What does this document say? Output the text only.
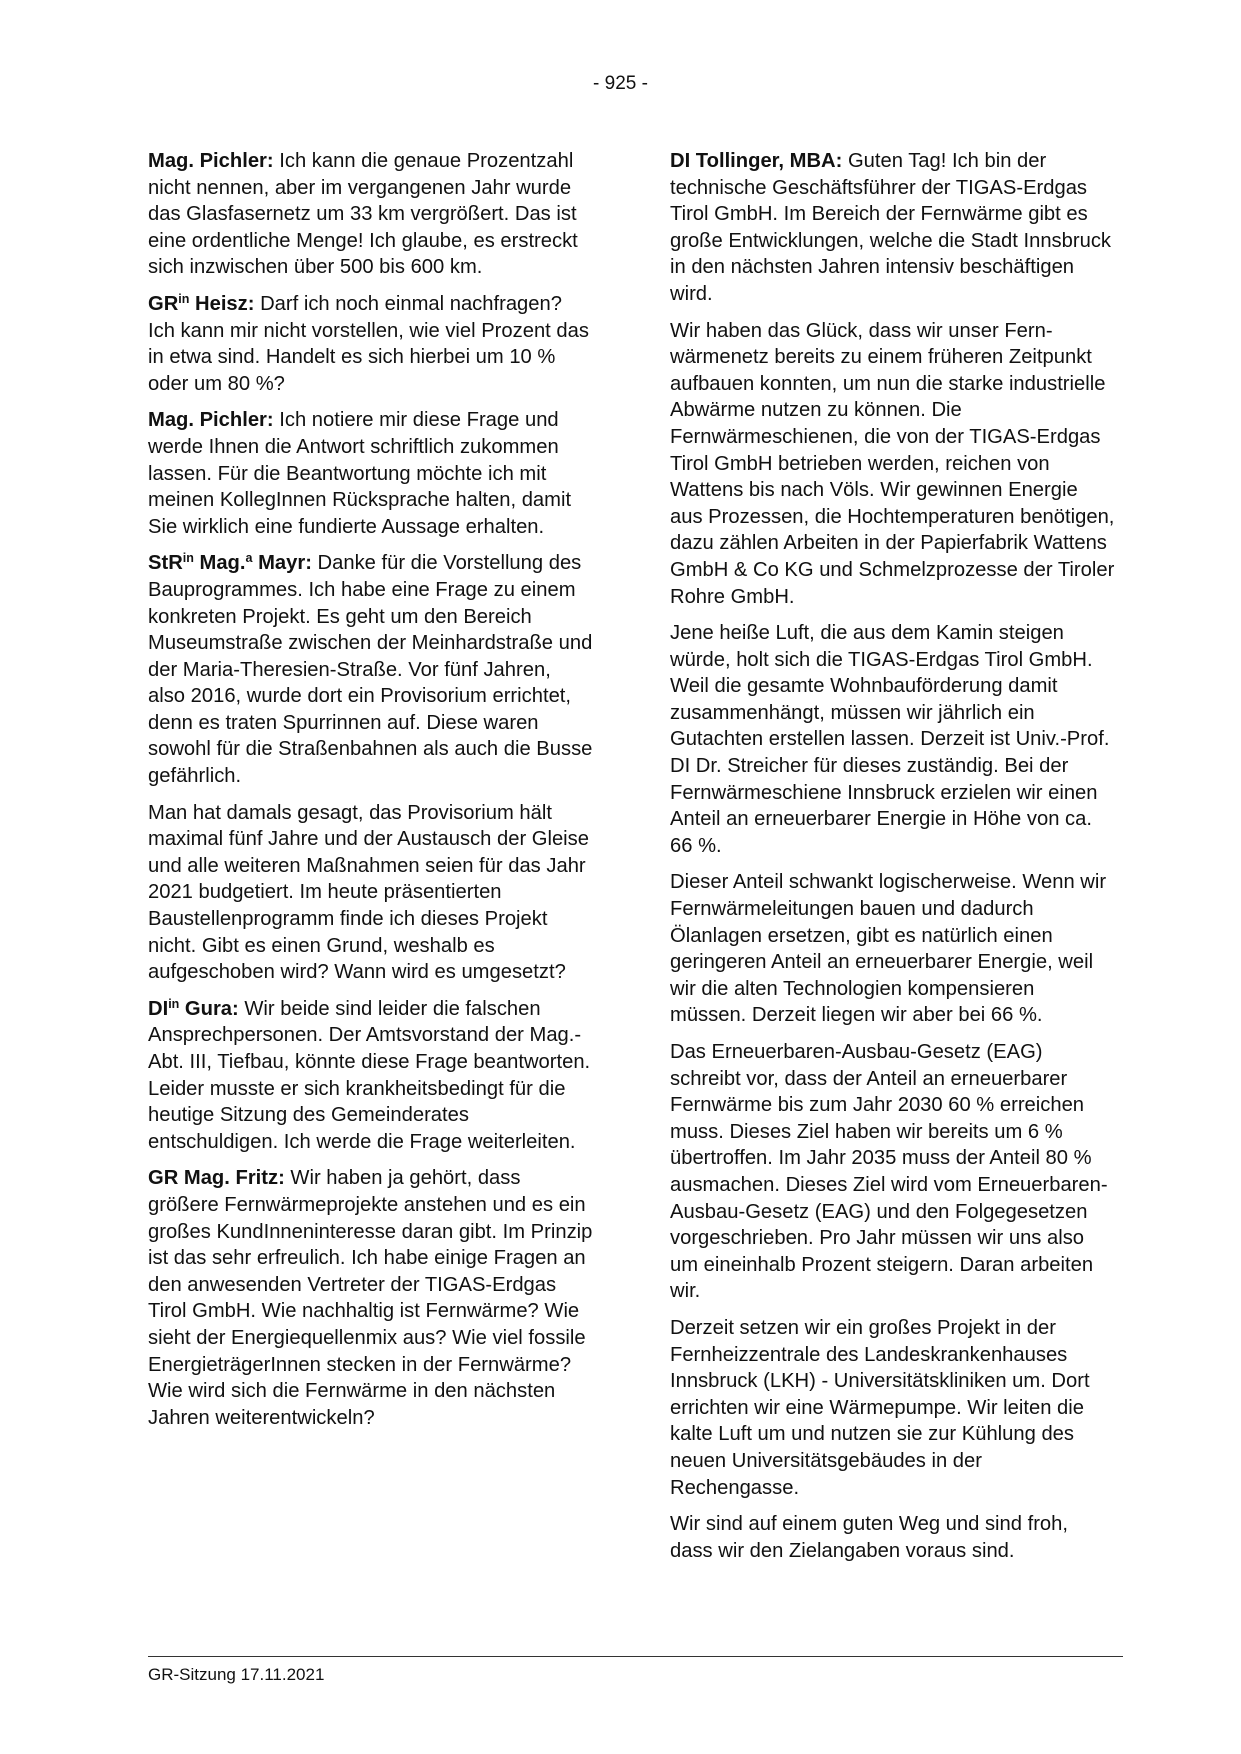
- 925 -

Mag. Pichler: Ich kann die genaue Prozentzahl nicht nennen, aber im vergangenen Jahr wurde das Glasfasernetz um 33 km vergrößert. Das ist eine ordentliche Menge! Ich glaube, es erstreckt sich inzwischen über 500 bis 600 km.

$GR^{in}$ Heisz: Darf ich noch einmal nachfragen? Ich kann mir nicht vorstellen, wie viel Prozent das in etwa sind. Handelt es sich hierbei um 10 % oder um 80 %?

Mag. Pichler: Ich notiere mir diese Frage und werde Ihnen die Antwort schriftlich zukommen lassen. Für die Beantwortung möchte ich mit meinen KollegInnen Rücksprache halten, damit Sie wirklich eine fundierte Aussage erhalten.

StR$^{in}$ Mag.$^a$ Mayr: Danke für die Vorstellung des Bauprogrammes. Ich habe eine Frage zu einem konkreten Projekt. Es geht um den Bereich Museumstraße zwischen der Meinhardstraße und der Maria-Theresien-Straße. Vor fünf Jahren, also 2016, wurde dort ein Provisorium errichtet, denn es traten Spurrinnen auf. Diese waren sowohl für die Straßenbahnen als auch die Busse gefährlich.

Man hat damals gesagt, das Provisorium hält maximal fünf Jahre und der Austausch der Gleise und alle weiteren Maßnahmen seien für das Jahr 2021 budgetiert. Im heute präsentierten Baustellenprogramm finde ich dieses Projekt nicht. Gibt es einen Grund, weshalb es aufgeschoben wird? Wann wird es umgesetzt?

$DI^{in}$ Gura: Wir beide sind leider die falschen Ansprechpersonen. Der Amtsvorstand der Mag.-Abt. III, Tiefbau, könnte diese Frage beantworten. Leider musste er sich krankheitsbedingt für die heutige Sitzung des Gemeinderates entschuldigen. Ich werde die Frage weiterleiten.

GR Mag. Fritz: Wir haben ja gehört, dass größere Fernwärmeprojekte anstehen und es ein großes KundInneninteresse daran gibt. Im Prinzip ist das sehr erfreulich. Ich habe einige Fragen an den anwesenden Vertreter der TIGAS-Erdgas Tirol GmbH. Wie nachhaltig ist Fernwärme? Wie sieht der Energiequellenmix aus? Wie viel fossile EnergieträgerInnen stecken in der Fernwärme? Wie wird sich die Fernwärme in den nächsten Jahren weiterentwickeln?

DI Tollinger, MBA: Guten Tag! Ich bin der technische Geschäftsführer der TIGAS-Erdgas Tirol GmbH. Im Bereich der Fernwärme gibt es große Entwicklungen, welche die Stadt Innsbruck in den nächsten Jahren intensiv beschäftigen wird.

Wir haben das Glück, dass wir unser Fernwärmenetz bereits zu einem früheren Zeitpunkt aufbauen konnten, um nun die starke industrielle Abwärme nutzen zu können. Die Fernwärmeschienen, die von der TIGAS-Erdgas Tirol GmbH betrieben werden, reichen von Wattens bis nach Völs. Wir gewinnen Energie aus Prozessen, die Hochtemperaturen benötigen, dazu zählen Arbeiten in der Papierfabrik Wattens GmbH & Co KG und Schmelzprozesse der Tiroler Rohre GmbH.

Jene heiße Luft, die aus dem Kamin steigen würde, holt sich die TIGAS-Erdgas Tirol GmbH. Weil die gesamte Wohnbauförderung damit zusammenhängt, müssen wir jährlich ein Gutachten erstellen lassen. Derzeit ist Univ.-Prof. DI Dr. Streicher für dieses zuständig. Bei der Fernwärmeschiene Innsbruck erzielen wir einen Anteil an erneuerbarer Energie in Höhe von ca. 66 %.

Dieser Anteil schwankt logischerweise. Wenn wir Fernwärmeleitungen bauen und dadurch Ölanlagen ersetzen, gibt es natürlich einen geringeren Anteil an erneuerbarer Energie, weil wir die alten Technologien kompensieren müssen. Derzeit liegen wir aber bei 66 %.

Das Erneuerbaren-Ausbau-Gesetz (EAG) schreibt vor, dass der Anteil an erneuerbarer Fernwärme bis zum Jahr 2030 60 % erreichen muss. Dieses Ziel haben wir bereits um 6 % übertroffen. Im Jahr 2035 muss der Anteil 80 % ausmachen. Dieses Ziel wird vom Erneuerbaren-Ausbau-Gesetz (EAG) und den Folgegesetzen vorgeschrieben. Pro Jahr müssen wir uns also um eineinhalb Prozent steigern. Daran arbeiten wir.

Derzeit setzen wir ein großes Projekt in der Fernheizzentrale des Landeskrankenhauses Innsbruck (LKH) - Universitätskliniken um. Dort errichten wir eine Wärmepumpe. Wir leiten die kalte Luft um und nutzen sie zur Kühlung des neuen Universitätsgebäudes in der Rechengasse.

Wir sind auf einem guten Weg und sind froh, dass wir den Zielangaben voraus sind.

GR-Sitzung 17.11.2021
